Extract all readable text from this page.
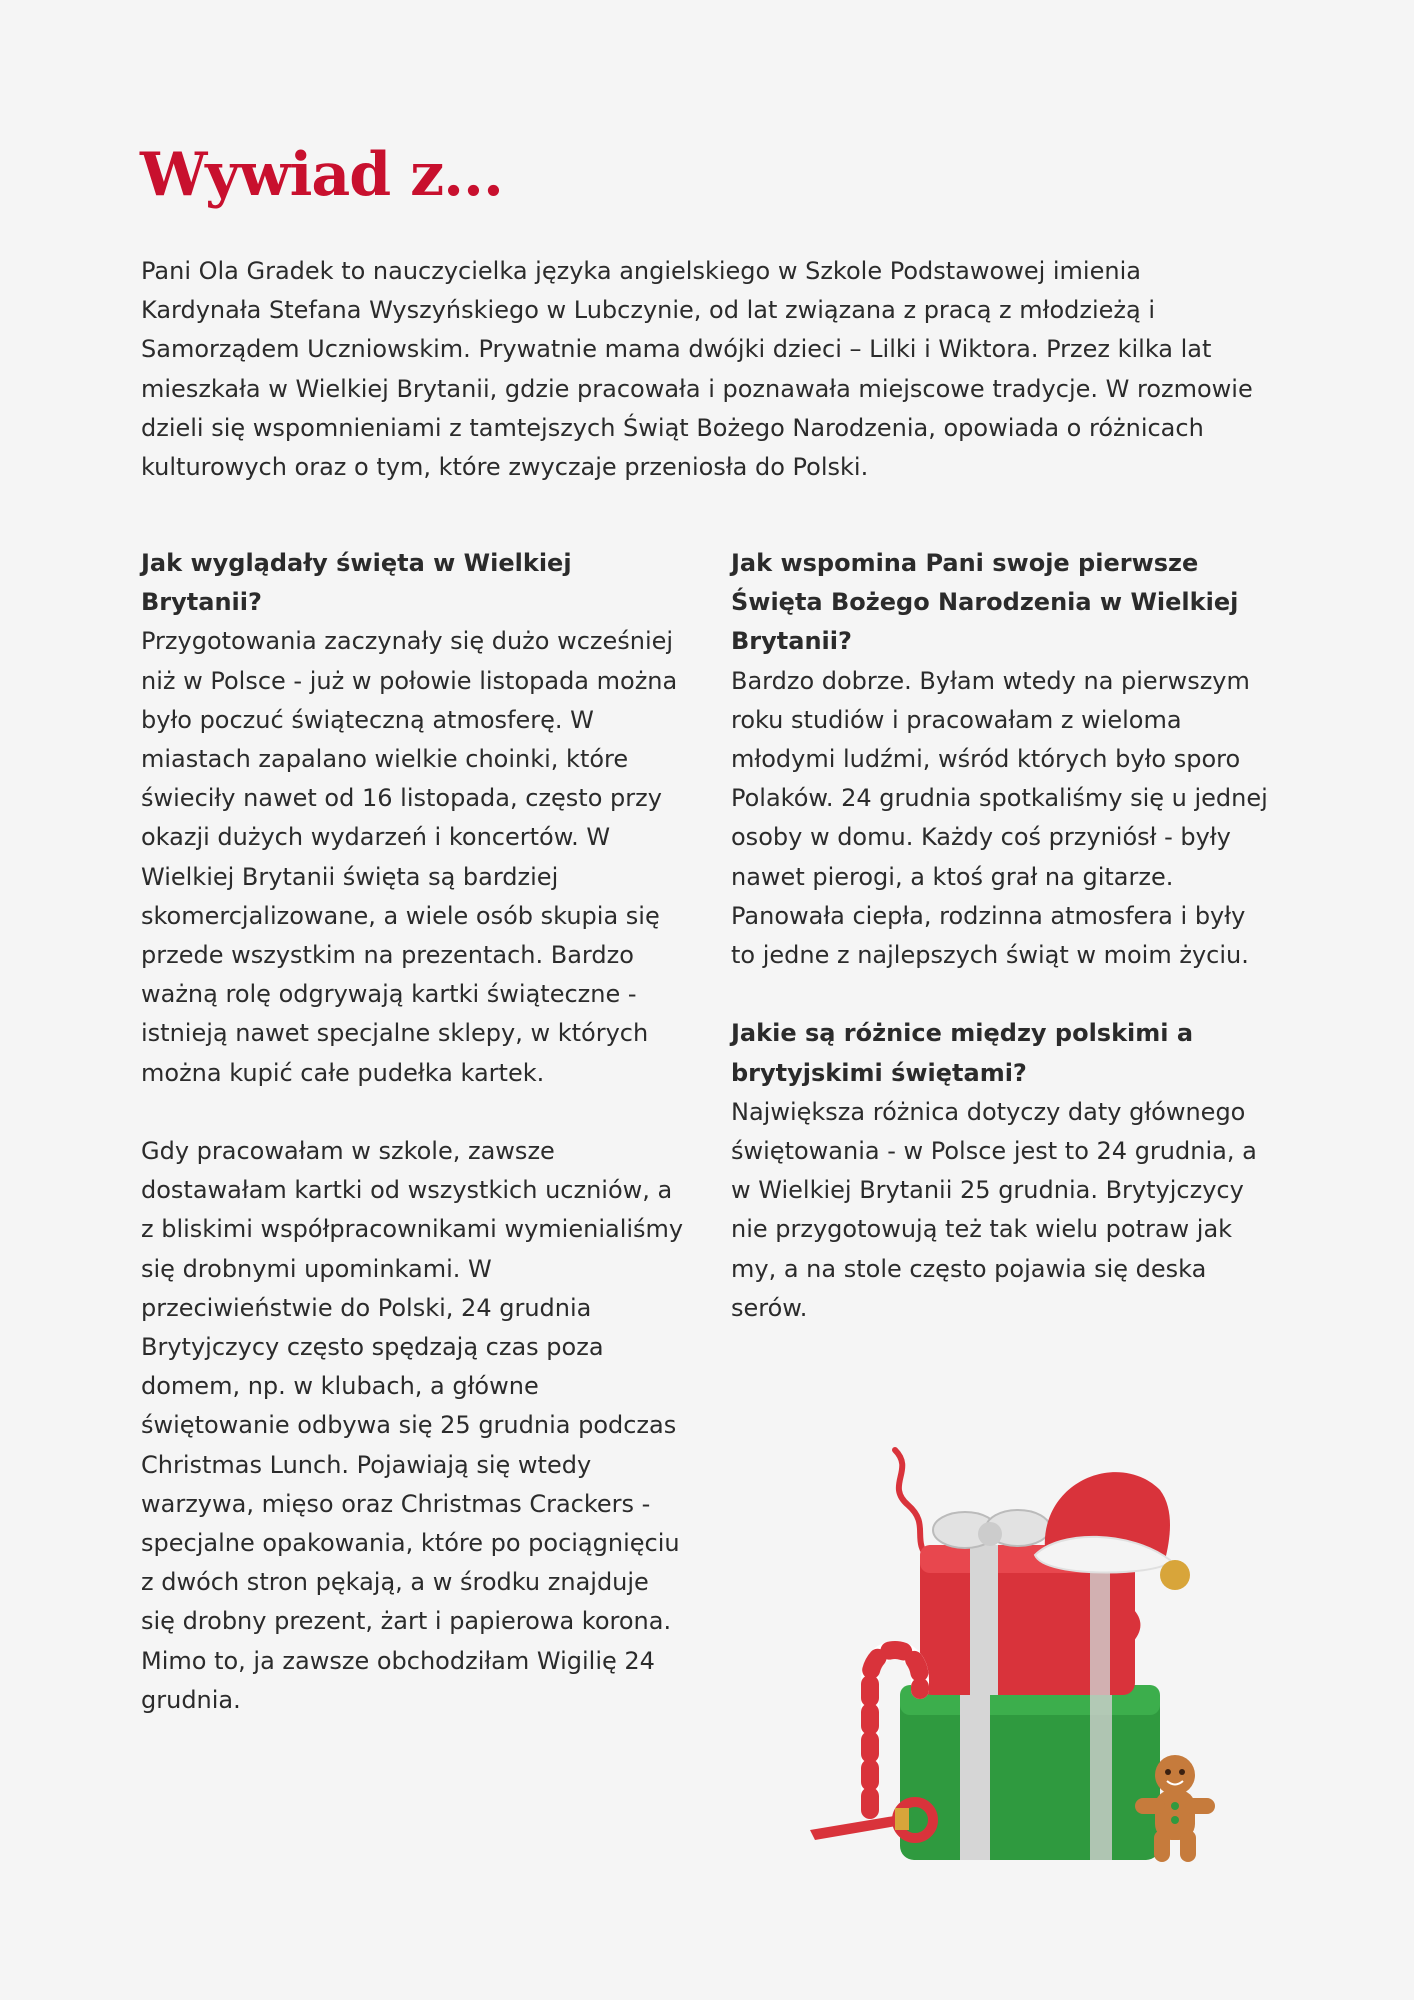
Wywiad z...

Pani Ola Gradek to nauczycielka języka angielskiego w Szkole Podstawowej imienia Kardynała Stefana Wyszyńskiego w Lubczynie, od lat związana z pracą z młodzieżą i Samorządem Uczniowskim. Prywatnie mama dwójki dzieci – Lilki i Wiktora. Przez kilka lat mieszkała w Wielkiej Brytanii, gdzie pracowała i poznawała miejscowe tradycje. W rozmowie dzieli się wspomnieniami z tamtejszych Świąt Bożego Narodzenia, opowiada o różnicach kulturowych oraz o tym, które zwyczaje przeniosła do Polski.

Jak wyglądały święta w Wielkiej Brytanii?

Przygotowania zaczynały się dużo wcześniej niż w Polsce - już w połowie listopada można było poczuć świąteczną atmosferę. W miastach zapalano wielkie choinki, które świeciły nawet od 16 listopada, często przy okazji dużych wydarzeń i koncertów. W Wielkiej Brytanii święta są bardziej skomercjalizowane, a wiele osób skupia się przede wszystkim na prezentach. Bardzo ważną rolę odgrywają kartki świąteczne - istnieją nawet specjalne sklepy, w których można kupić całe pudełka kartek.

Gdy pracowałam w szkole, zawsze dostawałam kartki od wszystkich uczniów, a z bliskimi współpracownikami wymienialiśmy się drobnymi upominkami. W przeciwieństwie do Polski, 24 grudnia Brytyjczycy często spędzają czas poza domem, np. w klubach, a główne świętowanie odbywa się 25 grudnia podczas Christmas Lunch. Pojawiają się wtedy warzywa, mięso oraz Christmas Crackers - specjalne opakowania, które po pociągnięciu z dwóch stron pękają, a w środku znajduje się drobny prezent, żart i papierowa korona. Mimo to, ja zawsze obchodziłam Wigilię 24 grudnia.

Jak wspomina Pani swoje pierwsze Święta Bożego Narodzenia w Wielkiej Brytanii?

Bardzo dobrze. Byłam wtedy na pierwszym roku studiów i pracowałam z wieloma młodymi ludźmi, wśród których było sporo Polaków. 24 grudnia spotkaliśmy się u jednej osoby w domu. Każdy coś przyniósł - były nawet pierogi, a ktoś grał na gitarze. Panowała ciepła, rodzinna atmosfera i były to jedne z najlepszych świąt w moim życiu.

Jakie są różnice między polskimi a brytyjskimi świętami?

Największa różnica dotyczy daty głównego świętowania - w Polsce jest to 24 grudnia, a w Wielkiej Brytanii 25 grudnia. Brytyjczycy nie przygotowują też tak wielu potraw jak my, a na stole często pojawia się deska serów.
